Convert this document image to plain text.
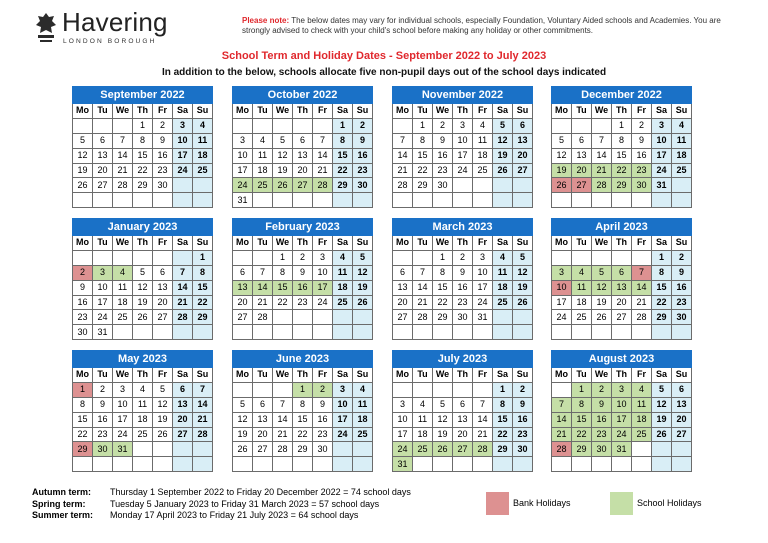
Havering
LONDON BOROUGH
Please note: The below dates may vary for individual schools, especially Foundation, Voluntary Aided schools and Academies. You are strongly advised to check with your child's school before making any holiday or other commitments.
School Term and Holiday Dates - September 2022 to July 2023
In addition to the below, schools allocate five non-pupil days out of the school days indicated
September 2022						
Mo	Tu	We	Th	Fr	Sa	Su
			1	2	3	4
5	6	7	8	9	10	11
12	13	14	15	16	17	18
19	20	21	22	23	24	25
26	27	28	29	30		

October 2022						
Mo	Tu	We	Th	Fr	Sa	Su
					1	2
3	4	5	6	7	8	9
10	11	12	13	14	15	16
17	18	19	20	21	22	23
24	25	26	27	28	29	30
31						
November 2022						
Mo	Tu	We	Th	Fr	Sa	Su
	1	2	3	4	5	6
7	8	9	10	11	12	13
14	15	16	17	18	19	20
21	22	23	24	25	26	27
28	29	30				

December 2022						
Mo	Tu	We	Th	Fr	Sa	Su
			1	2	3	4
5	6	7	8	9	10	11
12	13	14	15	16	17	18
19	20	21	22	23	24	25
26	27	28	29	30	31	

January 2023						
Mo	Tu	We	Th	Fr	Sa	Su
						1
2	3	4	5	6	7	8
9	10	11	12	13	14	15
16	17	18	19	20	21	22
23	24	25	26	27	28	29
30	31					
February 2023						
Mo	Tu	We	Th	Fr	Sa	Su
		1	2	3	4	5
6	7	8	9	10	11	12
13	14	15	16	17	18	19
20	21	22	23	24	25	26
27	28					

March 2023						
Mo	Tu	We	Th	Fr	Sa	Su
		1	2	3	4	5
6	7	8	9	10	11	12
13	14	15	16	17	18	19
20	21	22	23	24	25	26
27	28	29	30	31		

April 2023						
Mo	Tu	We	Th	Fr	Sa	Su
					1	2
3	4	5	6	7	8	9
10	11	12	13	14	15	16
17	18	19	20	21	22	23
24	25	26	27	28	29	30

May 2023						
Mo	Tu	We	Th	Fr	Sa	Su
1	2	3	4	5	6	7
8	9	10	11	12	13	14
15	16	17	18	19	20	21
22	23	24	25	26	27	28
29	30	31				

June 2023						
Mo	Tu	We	Th	Fr	Sa	Su
			1	2	3	4
5	6	7	8	9	10	11
12	13	14	15	16	17	18
19	20	21	22	23	24	25
26	27	28	29	30		

July 2023						
Mo	Tu	We	Th	Fr	Sa	Su
					1	2
3	4	5	6	7	8	9
10	11	12	13	14	15	16
17	18	19	20	21	22	23
24	25	26	27	28	29	30
31						
August 2023						
Mo	Tu	We	Th	Fr	Sa	Su
	1	2	3	4	5	6
7	8	9	10	11	12	13
14	15	16	17	18	19	20
21	22	23	24	25	26	27
28	29	30	31			

Autumn term: Thursday 1 September 2022 to Friday 20 December 2022 = 74 school days
Spring term:	Tuesday 5 January 2023 to Friday 31 March 2023 = 57 school days
Summer term: Monday 17 April 2023 to Friday 21 July 2023 = 64 school days
Bank Holidays	School Holidays
